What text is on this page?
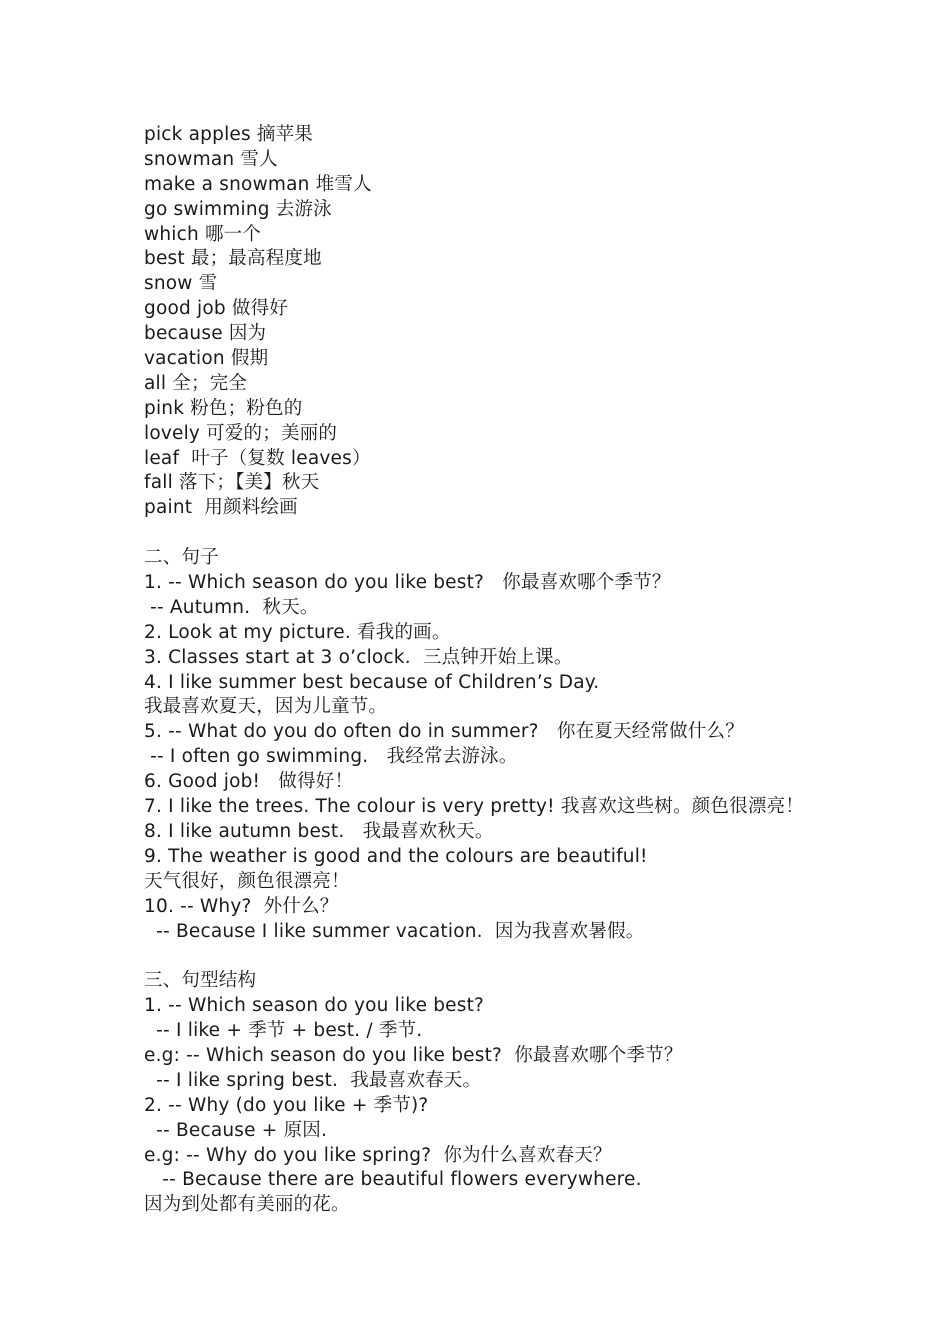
pick apples 摘苹果
snowman 雪人
make a snowman 堆雪人
go swimming 去游泳
which 哪一个
best 最；最高程度地
snow 雪
good job 做得好
because 因为
vacation 假期
all 全；完全
pink 粉色；粉色的
lovely 可爱的；美丽的
leaf  叶子（复数 leaves）
fall 落下；【美】秋天
paint  用颜料绘画
二、句子
1. -- Which season do you like best?   你最喜欢哪个季节？
-- Autumn.  秋天。
2. Look at my picture. 看我的画。
3. Classes start at 3 o’clock.  三点钟开始上课。
4. I like summer best because of Children’s Day.
我最喜欢夏天，因为儿童节。
5. -- What do you do often do in summer?   你在夏天经常做什么？
-- I often go swimming.   我经常去游泳。
6. Good job!   做得好！
7. I like the trees. The colour is very pretty! 我喜欢这些树。颜色很漂亮！
8. I like autumn best.   我最喜欢秋天。
9. The weather is good and the colours are beautiful!
天气很好，颜色很漂亮！
10. -- Why?  外什么？
-- Because I like summer vacation.  因为我喜欢暑假。
三、句型结构
1. -- Which season do you like best?
-- I like + 季节 + best. / 季节.
e.g: -- Which season do you like best?  你最喜欢哪个季节？
-- I like spring best.  我最喜欢春天。
2. -- Why (do you like + 季节)?
-- Because + 原因.
e.g: -- Why do you like spring?  你为什么喜欢春天？
-- Because there are beautiful flowers everywhere.
因为到处都有美丽的花。
